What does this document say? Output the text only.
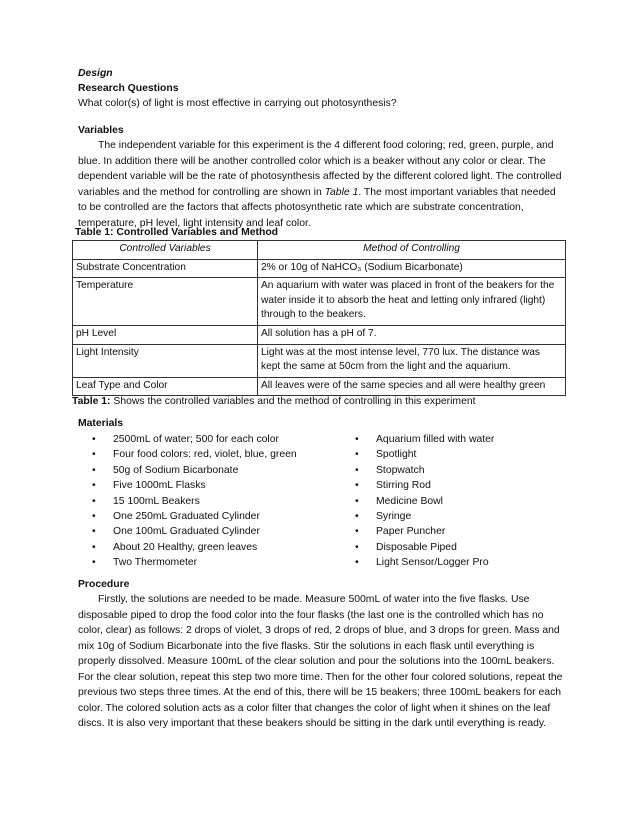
Design
Research Questions
What color(s) of light is most effective in carrying out photosynthesis?
Variables

The independent variable for this experiment is the 4 different food coloring; red, green, purple, and blue. In addition there will be another controlled color which is a beaker without any color or clear. The dependent variable will be the rate of photosynthesis affected by the different colored light. The controlled variables and the method for controlling are shown in Table 1. The most important variables that needed to be controlled are the factors that affects photosynthetic rate which are substrate concentration, temperature, pH level, light intensity and leaf color.

Table 1: Controlled Variables and Method
Controlled Variables	Method of Controlling
Substrate Concentration	2% or 10g of NaHCO₃ (Sodium Bicarbonate)
Temperature	An aquarium with water was placed in front of the beakers for the water inside it to absorb the heat and letting only infrared (light) through to the beakers.
pH Level	All solution has a pH of 7.
Light Intensity	Light was at the most intense level, 770 lux. The distance was kept the same at 50cm from the light and the aquarium.
Leaf Type and Color	All leaves were of the same species and all were healthy green
Table 1: Shows the controlled variables and the method of controlling in this experiment
Materials
• 2500mL of water; 500 for each color
• Four food colors: red, violet, blue, green
• 50g of Sodium Bicarbonate
• Five 1000mL Flasks
• 15 100mL Beakers
• One 250mL Graduated Cylinder
• One 100mL Graduated Cylinder
• About 20 Healthy, green leaves
• Two Thermometer
• Aquarium filled with water
• Spotlight
• Stopwatch
• Stirring Rod
• Medicine Bowl
• Syringe
• Paper Puncher
• Disposable Piped
• Light Sensor/Logger Pro
Procedure

Firstly, the solutions are needed to be made. Measure 500mL of water into the five flasks. Use disposable piped to drop the food color into the four flasks (the last one is the controlled which has no color, clear) as follows: 2 drops of violet, 3 drops of red, 2 drops of blue, and 3 drops for green. Mass and mix 10g of Sodium Bicarbonate into the five flasks. Stir the solutions in each flask until everything is properly dissolved. Measure 100mL of the clear solution and pour the solutions into the 100mL beakers. For the clear solution, repeat this step two more time. Then for the other four colored solutions, repeat the previous two steps three times. At the end of this, there will be 15 beakers; three 100mL beakers for each color. The colored solution acts as a color filter that changes the color of light when it shines on the leaf discs. It is also very important that these beakers should be sitting in the dark until everything is ready.
